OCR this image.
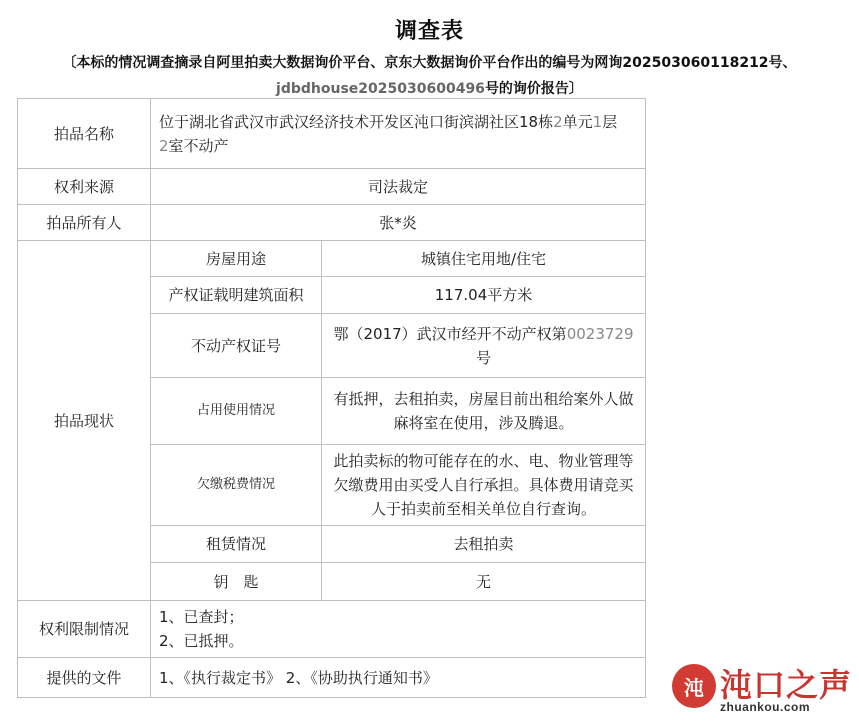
调查表
〔本标的情况调查摘录自阿里拍卖大数据询价平台、京东大数据询价平台作出的编号为网询202503060118212号、
jdbdhouse2025030600496号的询价报告〕
拍品名称	位于湖北省武汉市武汉经济技术开发区沌口街滨湖社区18栋2单元1层
2室不动产	
权利来源	司法裁定	
拍品所有人	张*炎	
拍品现状	房屋用途	城镇住宅用地/住宅
	产权证载明建筑面积	117.04平方米
	不动产权证号	鄂（2017）武汉市经开不动产权第0023729
号
	占用使用情况	有抵押，去租拍卖，房屋目前出租给案外人做麻将室在使用，涉及腾退。
	欠缴税费情况	此拍卖标的物可能存在的水、电、物业管理等欠缴费用由买受人自行承担。具体费用请竞买人于拍卖前至相关单位自行查询。
	租赁情况	去租拍卖
	钥　匙	无
权利限制情况	1、已查封；
2、已抵押。	

提供的文件	1、《执行裁定书》 2、《协助执行通知书》		沌 沌口之声
zhuankou.com
